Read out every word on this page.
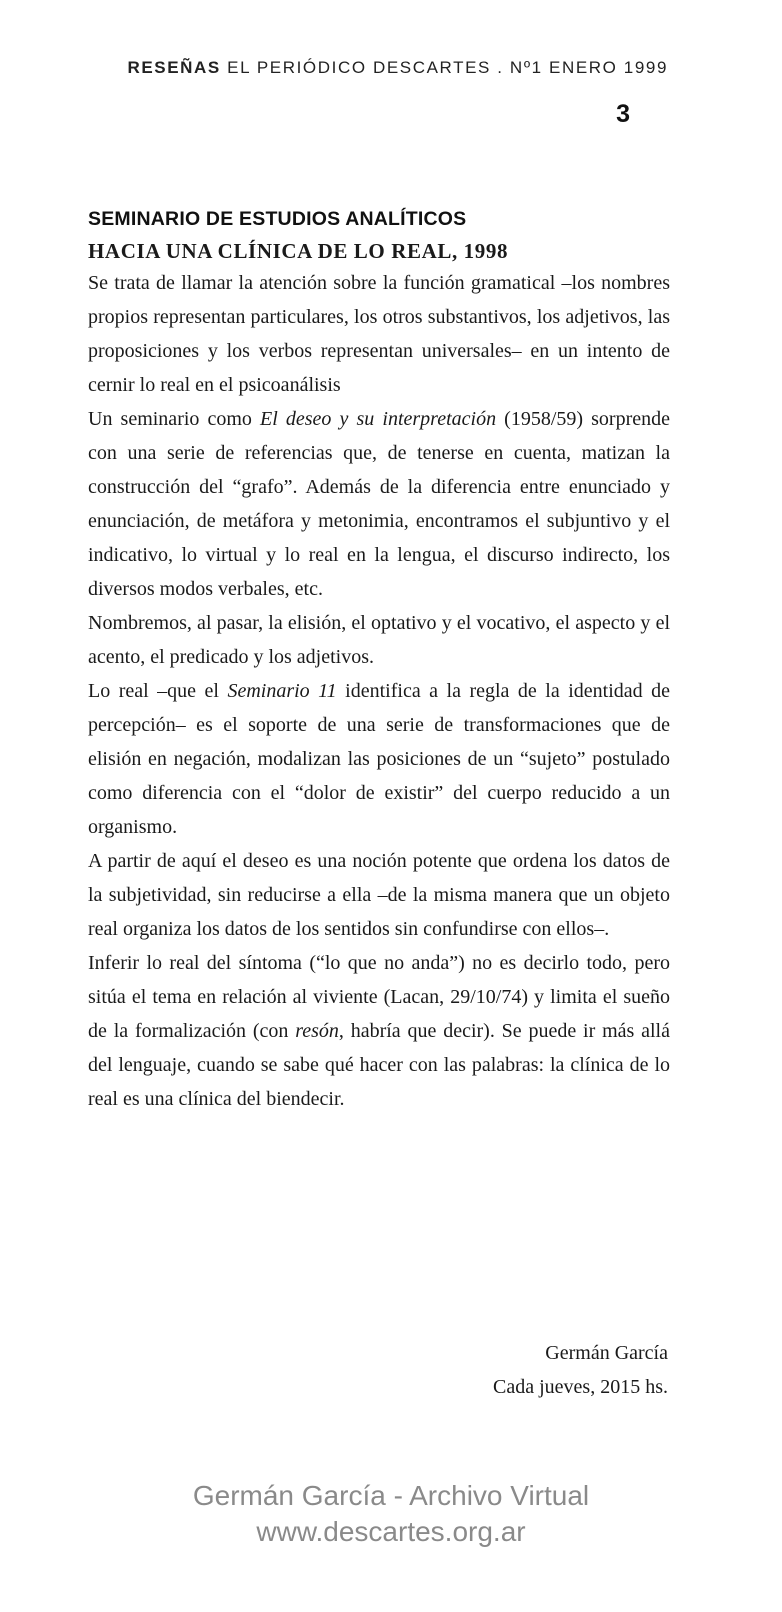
RESEÑAS EL PERIÓDICO DESCARTES . Nº1 ENERO 1999
3
SEMINARIO DE ESTUDIOS ANALÍTICOS
HACIA UNA CLÍNICA DE LO REAL, 1998

Se trata de llamar la atención sobre la función gramatical –los nombres propios representan particulares, los otros substantivos, los adjetivos, las proposiciones y los verbos representan universales– en un intento de cernir lo real en el psicoanálisis

Un seminario como El deseo y su interpretación (1958/59) sorprende con una serie de referencias que, de tenerse en cuenta, matizan la construcción del “grafo”. Además de la diferencia entre enunciado y enunciación, de metáfora y metonimia, encontramos el subjuntivo y el indicativo, lo virtual y lo real en la lengua, el discurso indirecto, los diversos modos verbales, etc.

Nombremos, al pasar, la elisión, el optativo y el vocativo, el aspecto y el acento, el predicado y los adjetivos.

Lo real –que el Seminario 11 identifica a la regla de la identidad de percepción– es el soporte de una serie de transformaciones que de elisión en negación, modalizan las posiciones de un “sujeto” postulado como diferencia con el “dolor de existir” del cuerpo reducido a un organismo.

A partir de aquí el deseo es una noción potente que ordena los datos de la subjetividad, sin reducirse a ella –de la misma manera que un objeto real organiza los datos de los sentidos sin confundirse con ellos–.

Inferir lo real del síntoma (“lo que no anda”) no es decirlo todo, pero sitúa el tema en relación al viviente (Lacan, 29/10/74) y limita el sueño de la formalización (con resón, habría que decir). Se puede ir más allá del lenguaje, cuando se sabe qué hacer con las palabras: la clínica de lo real es una clínica del biendecir.

Germán García
Cada jueves, 2015 hs.
Germán García - Archivo Virtual
www.descartes.org.ar
